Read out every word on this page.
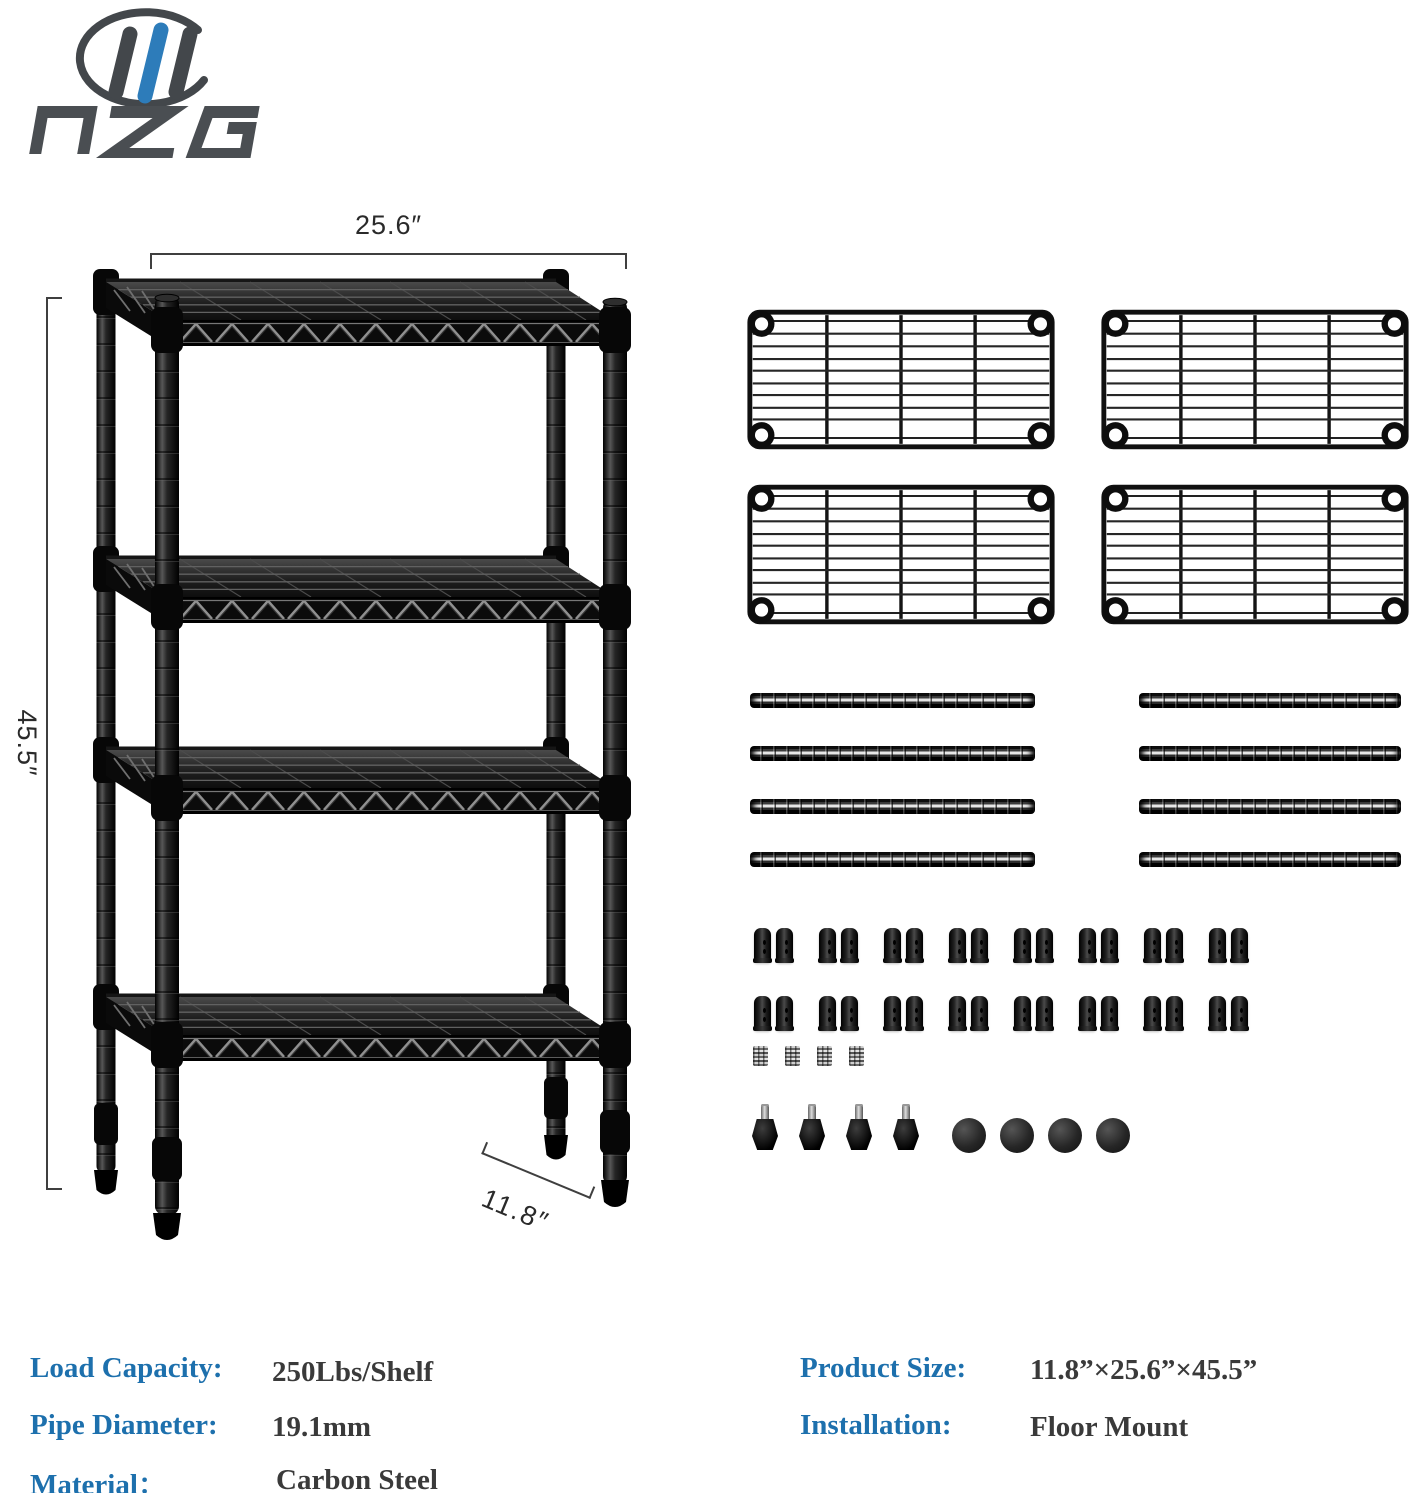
25.6″
45.5″
11.8″
Load Capacity: 250Lbs/Shelf
Pipe Diameter: 19.1mm
Material：	Carbon Steel
Product Size: 11.8”×25.6”×45.5”
Installation:	Floor Mount
